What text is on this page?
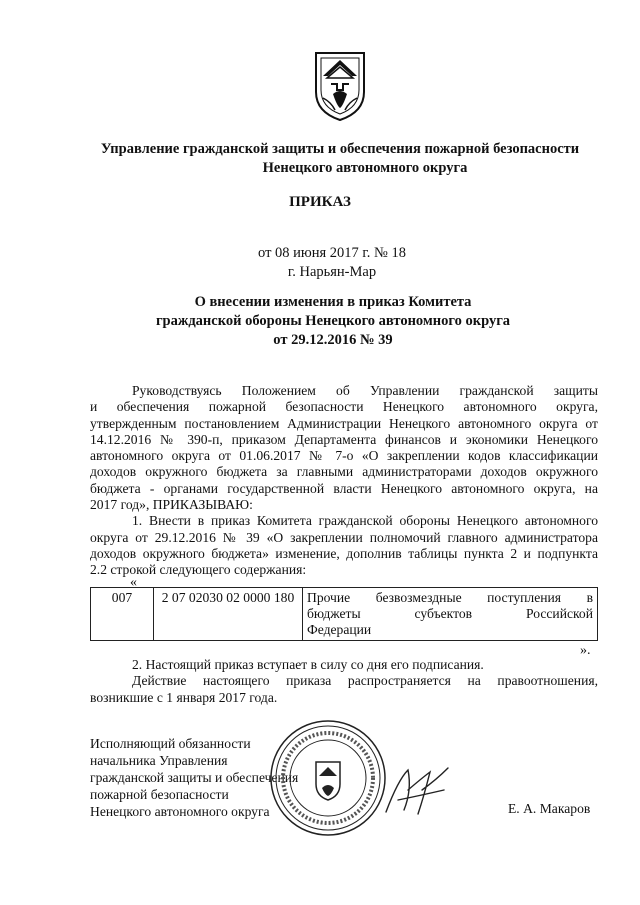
Управление гражданской защиты и обеспечения пожарной безопасности
Ненецкого автономного округа
ПРИКАЗ
от 08 июня 2017 г. № 18
г. Нарьян-Мар
О внесении изменения в приказ Комитета
гражданской обороны Ненецкого автономного округа
от 29.12.2016 № 39

Руководствуясь Положением об Управлении гражданской защиты
и обеспечения пожарной безопасности Ненецкого автономного округа,
утвержденным постановлением Администрации Ненецкого автономного округа от
14.12.2016 № 390-п, приказом Департамента финансов и экономики Ненецкого
автономного округа от 01.06.2017 № 7-о «О закреплении кодов классификации
доходов окружного бюджета за главными администраторами доходов окружного
бюджета - органами государственной власти Ненецкого автономного округа, на
2017 год», ПРИКАЗЫВАЮ:

1. Внести в приказ Комитета гражданской обороны Ненецкого автономного
округа от 29.12.2016 № 39 «О закреплении полномочий главного администратора
доходов окружного бюджета» изменение, дополнив таблицы пункта 2 и подпункта
2.2 строкой следующего содержания:

«
007	2 07 02030 02 0000 180	Прочие безвозмездные поступления в
бюджеты субъектов Российской
Федерации
».

2. Настоящий приказ вступает в силу со дня его подписания.

Действие настоящего приказа распространяется на правоотношения,
возникшие с 1 января 2017 года.

Исполняющий обязанности
начальника Управления
гражданской защиты и обеспечения
пожарной безопасности
Ненецкого автономного округа	Е. А. Макаров
